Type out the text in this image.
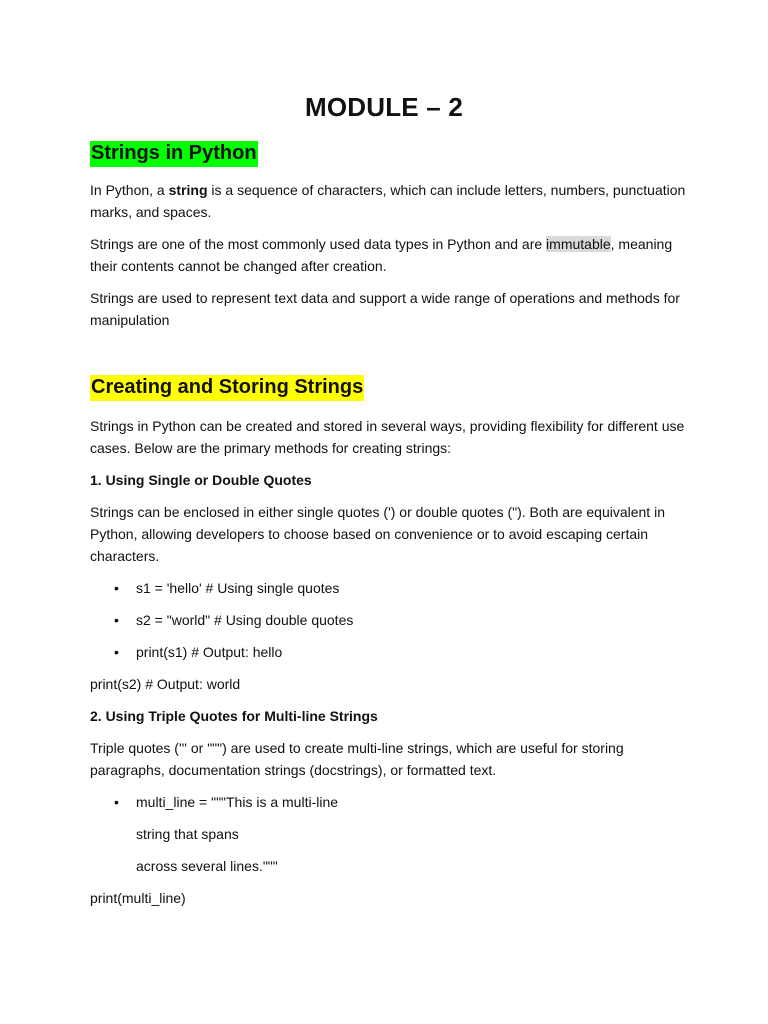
MODULE – 2
Strings in Python

In Python, a string is a sequence of characters, which can include letters, numbers, punctuation marks, and spaces.

Strings are one of the most commonly used data types in Python and are immutable, meaning their contents cannot be changed after creation.

Strings are used to represent text data and support a wide range of operations and methods for manipulation

Creating and Storing Strings

Strings in Python can be created and stored in several ways, providing flexibility for different use cases. Below are the primary methods for creating strings:

1. Using Single or Double Quotes

Strings can be enclosed in either single quotes (') or double quotes ("). Both are equivalent in Python, allowing developers to choose based on convenience or to avoid escaping certain characters.

• s1 = 'hello' # Using single quotes
• s2 = "world" # Using double quotes
• print(s1) # Output: hello

print(s2) # Output: world

2. Using Triple Quotes for Multi-line Strings

Triple quotes (''' or """) are used to create multi-line strings, which are useful for storing paragraphs, documentation strings (docstrings), or formatted text.

• multi_line = """This is a multi-line
string that spans
across several lines."""

print(multi_line)
